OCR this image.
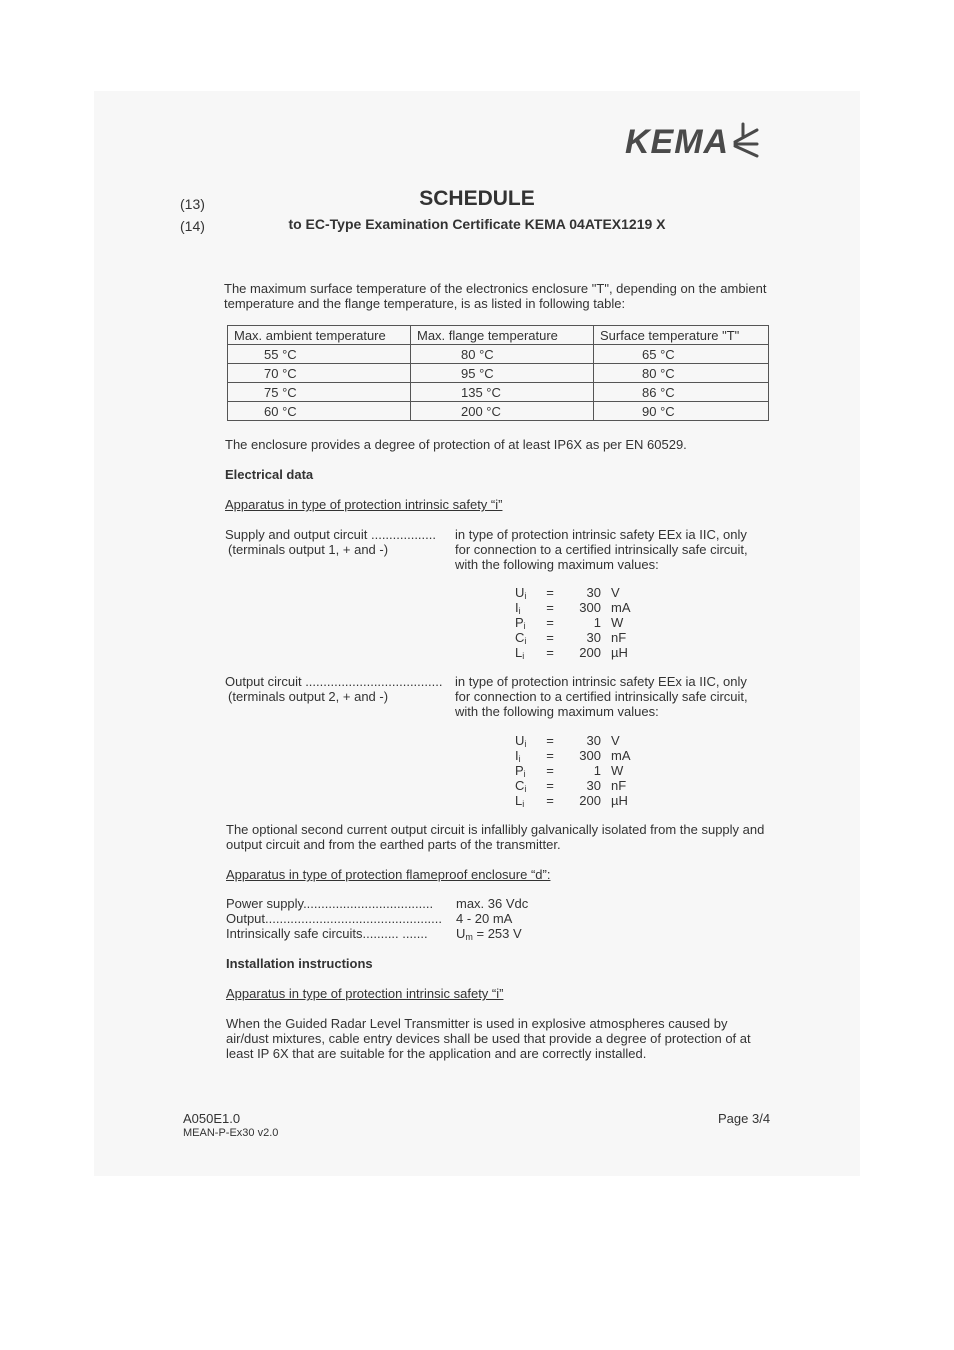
KEMA
(13)
(14)
SCHEDULE
to EC-Type Examination Certificate KEMA 04ATEX1219 X
The maximum surface temperature of the electronics enclosure "T", depending on the ambient
temperature and the flange temperature, is as listed in following table:
Max. ambient temperature	Max. flange temperature	Surface temperature "T"
55 °C	80 °C	65 °C
70 °C	95 °C	80 °C
75 °C	135 °C	86 °C
60 °C	200 °C	90 °C
The enclosure provides a degree of protection of at least IP6X as per EN 60529.
Electrical data
Apparatus in type of protection intrinsic safety “i”
Supply and output circuit ..................
(terminals output 1, + and -)
in type of protection intrinsic safety EEx ia IIC, only
for connection to a certified intrinsically safe circuit,
with the following maximum values:
$U_i$	=	30 V
$I_i$	=	300 mA
$P_i$	=	1 W
$C_i$	=	30 nF
$L_i$	=	200 µH
Output circuit ......................................
(terminals output 2, + and -)
in type of protection intrinsic safety EEx ia IIC, only
for connection to a certified intrinsically safe circuit,
with the following maximum values:
$U_i$	=	30 V
$I_i$	=	300 mA
$P_i$	=	1 W
$C_i$	=	30 nF
$L_i$	=	200 µH
The optional second current output circuit is infallibly galvanically isolated from the supply and
output circuit and from the earthed parts of the transmitter.
Apparatus in type of protection flameproof enclosure “d”:
Power supply.................................... max. 36 Vdc
Output................................................. 4 - 20 mA
Intrinsically safe circuits.......... ....... $U_m = 253$ V
Installation instructions
Apparatus in type of protection intrinsic safety “i”
When the Guided Radar Level Transmitter is used in explosive atmospheres caused by
air/dust mixtures, cable entry devices shall be used that provide a degree of protection of at
least IP 6X that are suitable for the application and are correctly installed.
A050E1.0
MEAN-P-Ex30 v2.0
Page 3/4
